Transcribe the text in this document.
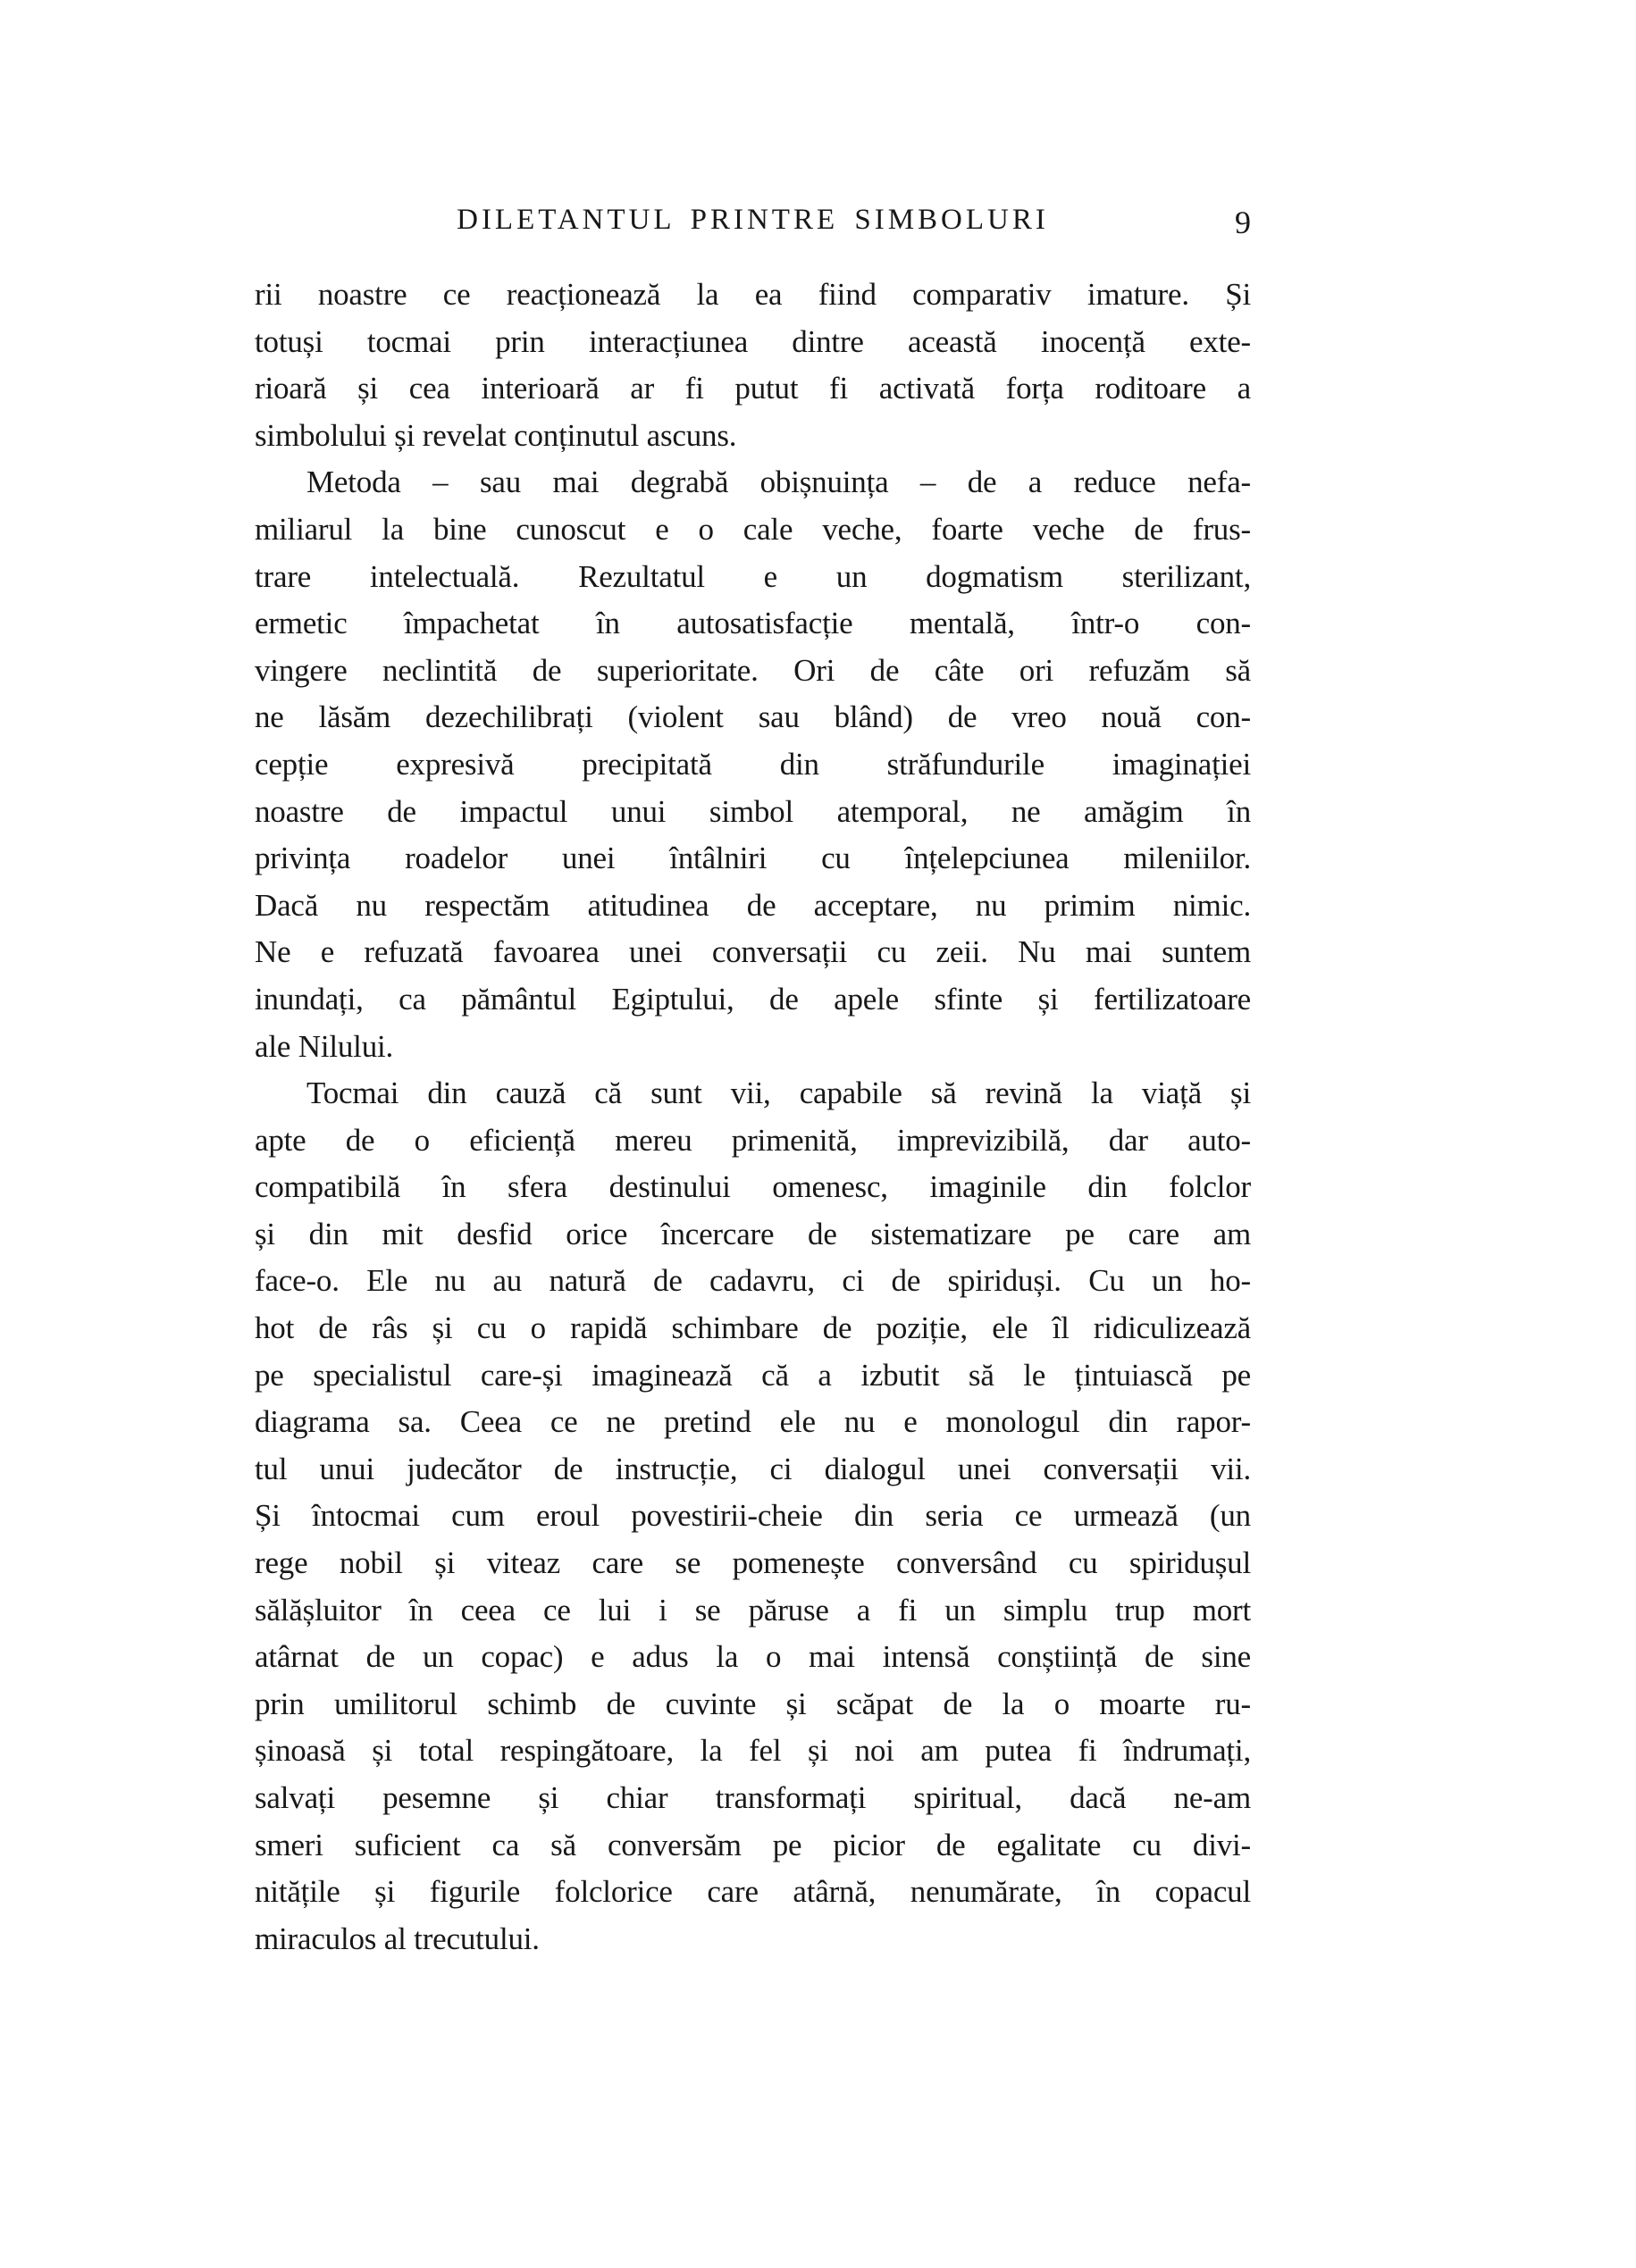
DILETANTUL PRINTRE SIMBOLURI	9
rii noastre ce reacționează la ea fiind comparativ imature. Și
totuși tocmai prin interacțiunea dintre această inocență exte-
rioară și cea interioară ar fi putut fi activată forța roditoare a
simbolului și revelat conținutul ascuns.
Metoda – sau mai degrabă obișnuința – de a reduce nefa-
miliarul la bine cunoscut e o cale veche, foarte veche de frus-
trare intelectuală. Rezultatul e un dogmatism sterilizant,
ermetic împachetat în autosatisfacție mentală, într-o con-
vingere neclintită de superioritate. Ori de câte ori refuzăm să
ne lăsăm dezechilibrați (violent sau blând) de vreo nouă con-
cepție expresivă precipitată din străfundurile imaginației
noastre de impactul unui simbol atemporal, ne amăgim în
privința roadelor unei întâlniri cu înțelepciunea mileniilor.
Dacă nu respectăm atitudinea de acceptare, nu primim nimic.
Ne e refuzată favoarea unei conversații cu zeii. Nu mai suntem
inundați, ca pământul Egiptului, de apele sfinte și fertilizatoare
ale Nilului.
Tocmai din cauză că sunt vii, capabile să revină la viață și
apte de o eficiență mereu primenită, imprevizibilă, dar auto-
compatibilă în sfera destinului omenesc, imaginile din folclor
și din mit desfid orice încercare de sistematizare pe care am
face-o. Ele nu au natură de cadavru, ci de spiriduși. Cu un ho-
hot de râs și cu o rapidă schimbare de poziție, ele îl ridiculizează
pe specialistul care-și imaginează că a izbutit să le țintuiască pe
diagrama sa. Ceea ce ne pretind ele nu e monologul din rapor-
tul unui judecător de instrucție, ci dialogul unei conversații vii.
Și întocmai cum eroul povestirii-cheie din seria ce urmează (un
rege nobil și viteaz care se pomenește conversând cu spiridușul
sălășluitor în ceea ce lui i se păruse a fi un simplu trup mort
atârnat de un copac) e adus la o mai intensă conștiință de sine
prin umilitorul schimb de cuvinte și scăpat de la o moarte ru-
șinoasă și total respingătoare, la fel și noi am putea fi îndrumați,
salvați pesemne și chiar transformați spiritual, dacă ne-am
smeri suficient ca să conversăm pe picior de egalitate cu divi-
nitățile și figurile folclorice care atârnă, nenumărate, în copacul
miraculos al trecutului.
